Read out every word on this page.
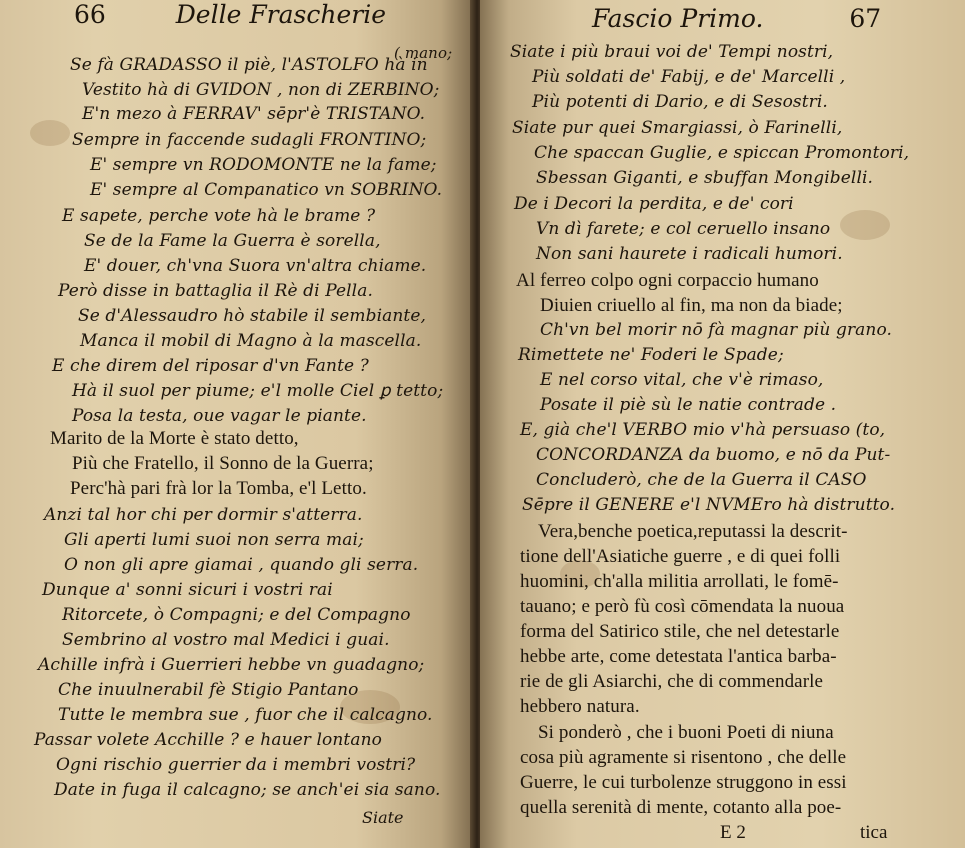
66	Delle Frascherie
( mano;
Se fà GRADASSO il piè, l'ASTOLFO hà in
Vestito hà di GVIDON , non di ZERBINO;
E'n mezo à FERRAV' sēpr'è TRISTANO.
Sempre in faccende sudagli FRONTINO;
E' sempre vn RODOMONTE ne la fame;
E' sempre al Companatico vn SOBRINO.
E sapete, perche vote hà le brame ?
Se de la Fame la Guerra è sorella,
E' douer, ch'vna Suora vn'altra chiame.
Però disse in battaglia il Rè di Pella.
Se d'Alessaudro hò stabile il sembiante,
Manca il mobil di Magno à la mascella.
E che direm del riposar d'vn Fante ?
Hà il suol per piume; e'l molle Ciel ꝑ tetto;
Posa la testa, oue vagar le piante.
Marito de la Morte è stato detto,
Più che Fratello, il Sonno de la Guerra;
Perc'hà pari frà lor la Tomba, e'l Letto.
Anzi tal hor chi per dormir s'atterra.
Gli aperti lumi suoi non serra mai;
O non gli apre giamai , quando gli serra.
Dunque a' sonni sicuri i vostri rai
Ritorcete, ò Compagni; e del Compagno
Sembrino al vostro mal Medici i guai.
Achille infrà i Guerrieri hebbe vn guadagno;
Che inuulnerabil fè Stigio Pantano
Tutte le membra sue , fuor che il calcagno.
Passar volete Acchille ? e hauer lontano
Ogni rischio guerrier da i membri vostri?
Date in fuga il calcagno; se anch'ei sia sano.
Siate
Fascio Primo.	67
Siate i più braui voi de' Tempi nostri,
Più soldati de' Fabij, e de' Marcelli ,
Più potenti di Dario, e di Sesostri.
Siate pur quei Smargiassi, ò Farinelli,
Che spaccan Guglie, e spiccan Promontori,
Sbessan Giganti, e sbuffan Mongibelli.
De i Decori la perdita, e de' cori
Vn dì farete; e col ceruello insano
Non sani haurete i radicali humori.
Al ferreo colpo ogni corpaccio humano
Diuien criuello al fin, ma non da biade;
Ch'vn bel morir nō fà magnar più grano.
Rimettete ne' Foderi le Spade;
E nel corso vital, che v'è rimaso,
Posate il piè sù le natie contrade .
E, già che'l VERBO mio v'hà persuaso (to,
CONCORDANZA da buomo, e nō da Put-
Concluderò, che de la Guerra il CASO
Sēpre il GENERE e'l NVMEro hà distrutto.
Vera,benche poetica,reputassi la descrit-
tione dell'Asiatiche guerre , e di quei folli
huomini, ch'alla militia arrollati, le fomē-
tauano; e però fù così cōmendata la nuoua
forma del Satirico stile, che nel detestarle
hebbe arte, come detestata l'antica barba-
rie de gli Asiarchi, che di commendarle
hebbero natura.
Si ponderò , che i buoni Poeti di niuna
cosa più agramente si risentono , che delle
Guerre, le cui turbolenze struggono in essi
quella serenità di mente, cotanto alla poe-
E 2	tica
